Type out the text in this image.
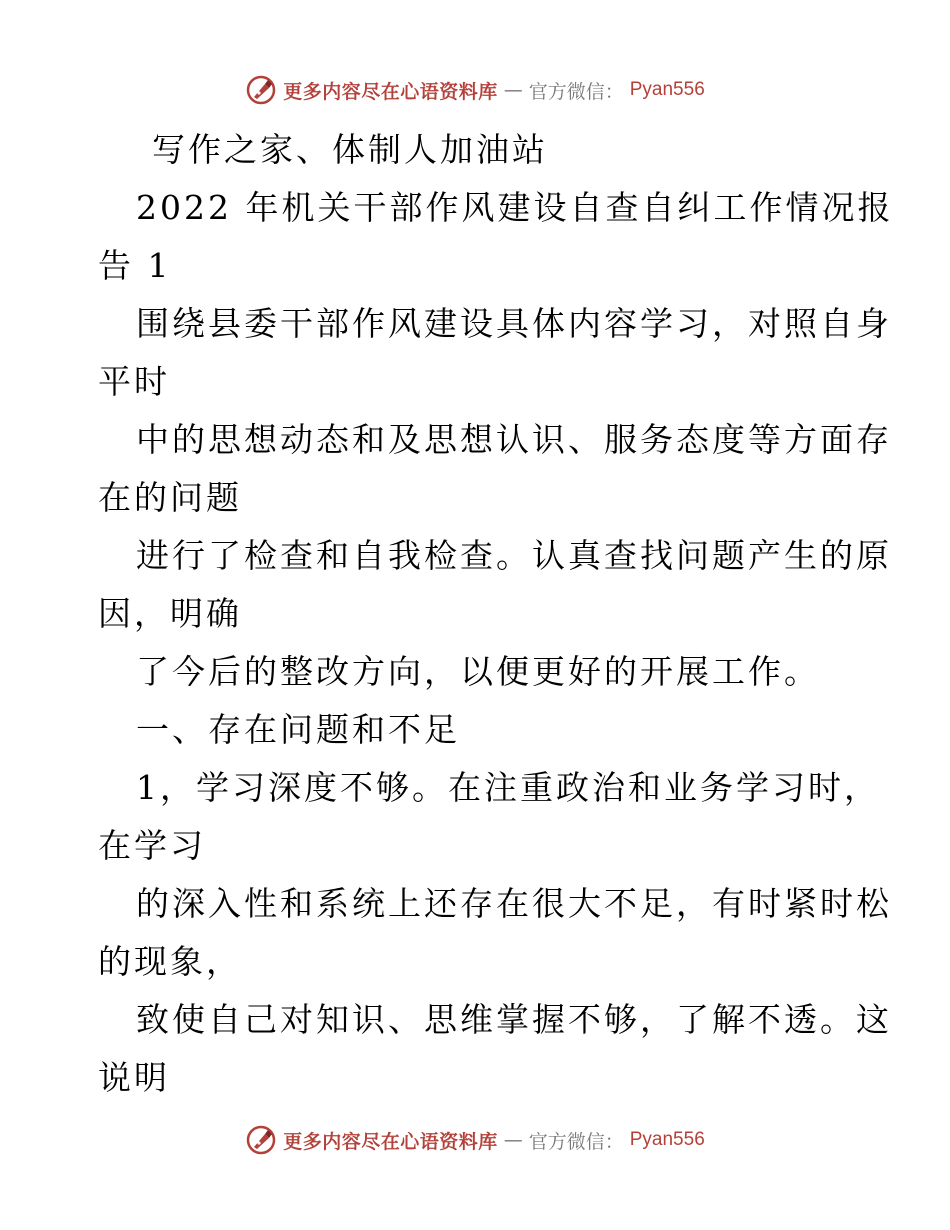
更多内容尽在心语资料库 — 官方微信： Pyan556
写作之家、体制人加油站
2022 年机关干部作风建设自查自纠工作情况报
告 1
围绕县委干部作风建设具体内容学习，对照自身
平时
中的思想动态和及思想认识、服务态度等方面存
在的问题
进行了检查和自我检查。认真查找问题产生的原
因，明确
了今后的整改方向，以便更好的开展工作。
一、存在问题和不足
1，学习深度不够。在注重政治和业务学习时，
在学习
的深入性和系统上还存在很大不足，有时紧时松
的现象，
致使自己对知识、思维掌握不够，了解不透。这
说明
更多内容尽在心语资料库 — 官方微信： Pyan556
